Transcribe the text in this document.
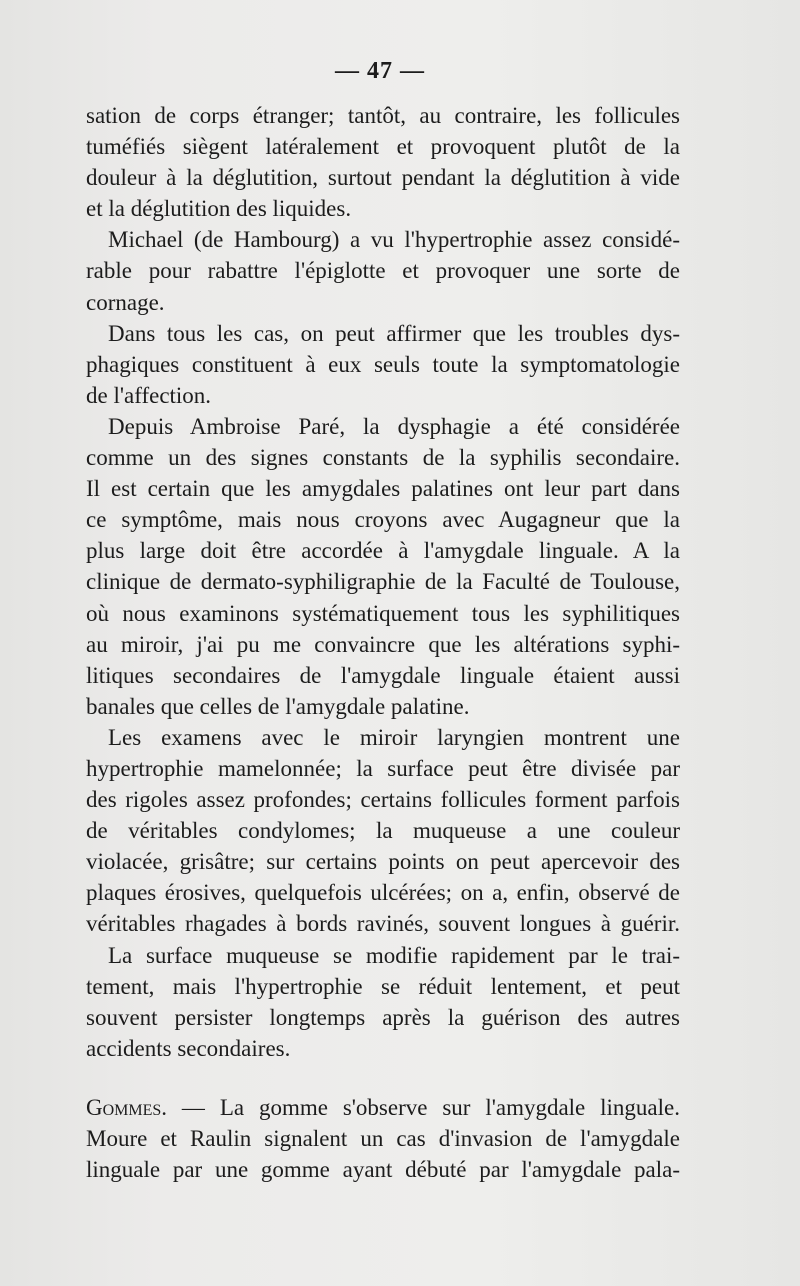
— 47 —
sation de corps étranger; tantôt, au contraire, les follicules
tuméfiés siègent latéralement et provoquent plutôt de la
douleur à la déglutition, surtout pendant la déglutition à vide
et la déglutition des liquides.
Michael (de Hambourg) a vu l'hypertrophie assez considé-
rable pour rabattre l'épiglotte et provoquer une sorte de
cornage.
Dans tous les cas, on peut affirmer que les troubles dys-
phagiques constituent à eux seuls toute la symptomatologie
de l'affection.
Depuis Ambroise Paré, la dysphagie a été considérée
comme un des signes constants de la syphilis secondaire.
Il est certain que les amygdales palatines ont leur part dans
ce symptôme, mais nous croyons avec Augagneur que la
plus large doit être accordée à l'amygdale linguale. A la
clinique de dermato-syphiligraphie de la Faculté de Toulouse,
où nous examinons systématiquement tous les syphilitiques
au miroir, j'ai pu me convaincre que les altérations syphi-
litiques secondaires de l'amygdale linguale étaient aussi
banales que celles de l'amygdale palatine.
Les examens avec le miroir laryngien montrent une
hypertrophie mamelonnée; la surface peut être divisée par
des rigoles assez profondes; certains follicules forment parfois
de véritables condylomes; la muqueuse a une couleur
violacée, grisâtre; sur certains points on peut apercevoir des
plaques érosives, quelquefois ulcérées; on a, enfin, observé de
véritables rhagades à bords ravinés, souvent longues à guérir.
La surface muqueuse se modifie rapidement par le trai-
tement, mais l'hypertrophie se réduit lentement, et peut
souvent persister longtemps après la guérison des autres
accidents secondaires.
Gommes. — La gomme s'observe sur l'amygdale linguale.
Moure et Raulin signalent un cas d'invasion de l'amygdale
linguale par une gomme ayant débuté par l'amygdale pala-
